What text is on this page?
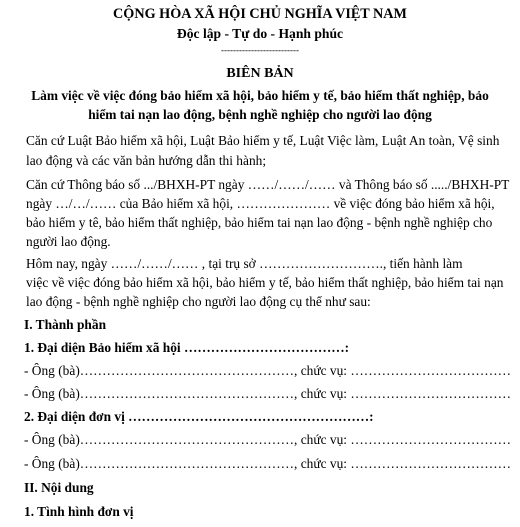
CỘNG HÒA XÃ HỘI CHỦ NGHĨA VIỆT NAM
Độc lập - Tự do - Hạnh phúc
--------------------------
BIÊN BẢN
Làm việc về việc đóng bảo hiểm xã hội, bảo hiểm y tế, bảo hiểm thất nghiệp, bảo
hiểm tai nạn lao động, bệnh nghề nghiệp cho người lao động
Căn cứ Luật Bảo hiểm xã hội, Luật Bảo hiểm y tế, Luật Việc làm, Luật An toàn, Vệ sinh
lao động và các văn bản hướng dẫn thi hành;
Căn cứ Thông báo số .../BHXH-PT ngày ……/……/…… và Thông báo số ...../BHXH-PT
ngày …/…/…… của Bảo hiểm xã hội, ………………… về việc đóng bảo hiểm xã hội,
bảo hiểm y tê, bảo hiểm thất nghiệp, bảo hiểm tai nạn lao động - bệnh nghề nghiệp cho
người lao động.
Hôm nay, ngày ……/……/…… , tại trụ sở ………………………., tiến hành làm
việc về việc đóng bảo hiểm xã hội, bảo hiểm y tế, bảo hiểm thất nghiệp, bảo hiểm tai nạn
lao động - bệnh nghề nghiệp cho người lao động cụ thể như sau:
I. Thành phần
1. Đại diện Bảo hiểm xã hội ………………………………:
- Ông (bà)…………………………………………, chức vụ: ………………………………
- Ông (bà)…………………………………………, chức vụ: ………………………………
2. Đại diện đơn vị ………………………………………………:
- Ông (bà)…………………………………………, chức vụ: ………………………………
- Ông (bà)…………………………………………, chức vụ: ………………………………
II. Nội dung
1. Tình hình đơn vị
